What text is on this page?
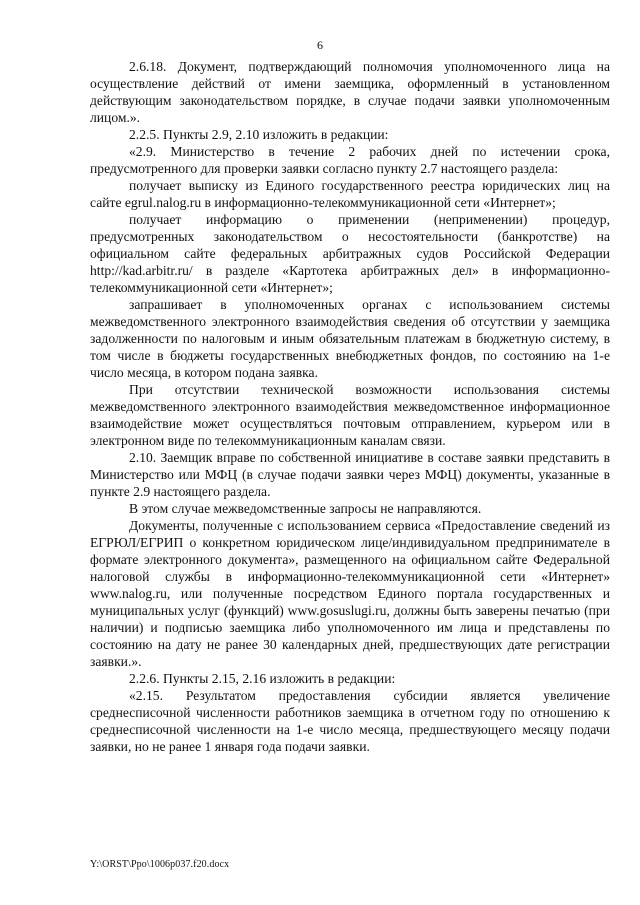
6

2.6.18. Документ, подтверждающий полномочия уполномоченного лица на осуществление действий от имени заемщика, оформленный в установленном действующим законодательством порядке, в случае подачи заявки уполномоченным лицом.».

2.2.5. Пункты 2.9, 2.10 изложить в редакции:

«2.9. Министерство в течение 2 рабочих дней по истечении срока, предусмотренного для проверки заявки согласно пункту 2.7 настоящего раздела:

получает выписку из Единого государственного реестра юридических лиц на сайте egrul.nalog.ru в информационно-телекоммуникационной сети «Интернет»;

получает информацию о применении (неприменении) процедур, предусмотренных законодательством о несостоятельности (банкротстве) на официальном сайте федеральных арбитражных судов Российской Федерации http://kad.arbitr.ru/ в разделе «Картотека арбитражных дел» в информационно-телекоммуникационной сети «Интернет»;

запрашивает в уполномоченных органах с использованием системы межведомственного электронного взаимодействия сведения об отсутствии у заемщика задолженности по налоговым и иным обязательным платежам в бюджетную систему, в том числе в бюджеты государственных внебюджетных фондов, по состоянию на 1-е число месяца, в котором подана заявка.

При отсутствии технической возможности использования системы межведомственного электронного взаимодействия межведомственное информационное взаимодействие может осуществляться почтовым отправлением, курьером или в электронном виде по телекоммуникационным каналам связи.

2.10. Заемщик вправе по собственной инициативе в составе заявки представить в Министерство или МФЦ (в случае подачи заявки через МФЦ) документы, указанные в пункте 2.9 настоящего раздела.

В этом случае межведомственные запросы не направляются.

Документы, полученные с использованием сервиса «Предоставление сведений из ЕГРЮЛ/ЕГРИП о конкретном юридическом лице/индивидуальном предпринимателе в формате электронного документа», размещенного на официальном сайте Федеральной налоговой службы в информационно-телекоммуникационной сети «Интернет» www.nalog.ru, или полученные посредством Единого портала государственных и муниципальных услуг (функций) www.gosuslugi.ru, должны быть заверены печатью (при наличии) и подписью заемщика либо уполномоченного им лица и представлены по состоянию на дату не ранее 30 календарных дней, предшествующих дате регистрации заявки.».

2.2.6. Пункты 2.15, 2.16 изложить в редакции:

«2.15. Результатом предоставления субсидии является увеличение среднесписочной численности работников заемщика в отчетном году по отношению к среднесписочной численности на 1-е число месяца, предшествующего месяцу подачи заявки, но не ранее 1 января года подачи заявки.

Y:\ORST\Ppo\1006p037.f20.docx
